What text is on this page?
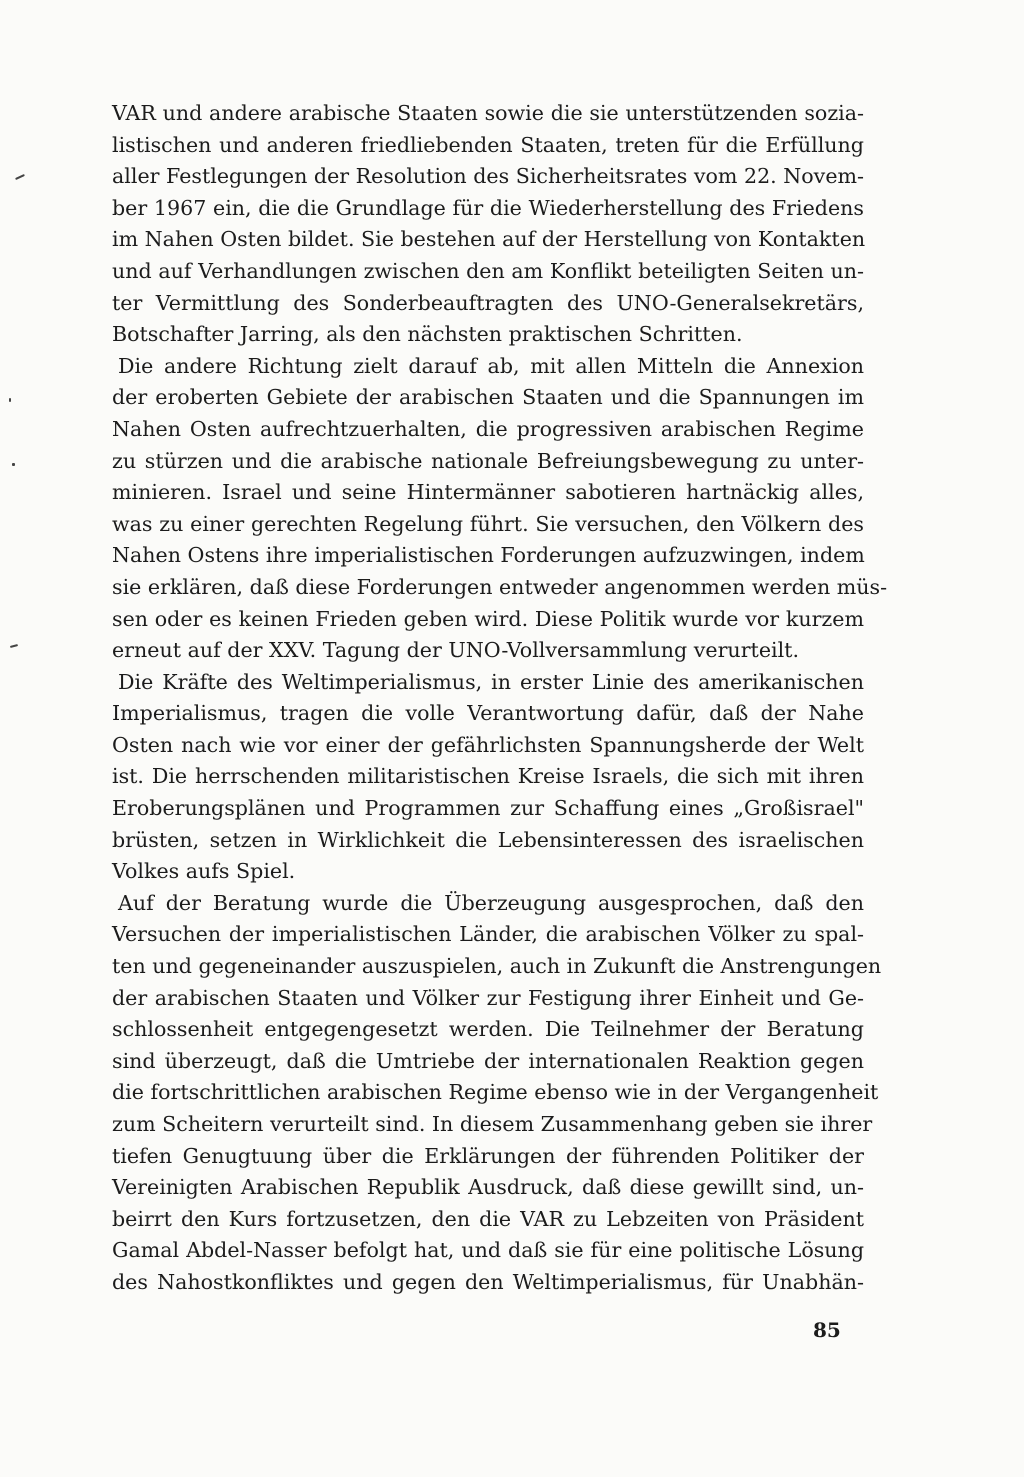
VAR und andere arabische Staaten sowie die sie unterstützenden sozia-
listischen und anderen friedliebenden Staaten, treten für die Erfüllung
aller Festlegungen der Resolution des Sicherheitsrates vom 22. Novem-
ber 1967 ein, die die Grundlage für die Wiederherstellung des Friedens
im Nahen Osten bildet. Sie bestehen auf der Herstellung von Kontakten
und auf Verhandlungen zwischen den am Konflikt beteiligten Seiten un-
ter Vermittlung des Sonderbeauftragten des UNO-Generalsekretärs,
Botschafter Jarring, als den nächsten praktischen Schritten.
Die andere Richtung zielt darauf ab, mit allen Mitteln die Annexion
der eroberten Gebiete der arabischen Staaten und die Spannungen im
Nahen Osten aufrechtzuerhalten, die progressiven arabischen Regime
zu stürzen und die arabische nationale Befreiungsbewegung zu unter-
minieren. Israel und seine Hintermänner sabotieren hartnäckig alles,
was zu einer gerechten Regelung führt. Sie versuchen, den Völkern des
Nahen Ostens ihre imperialistischen Forderungen aufzuzwingen, indem
sie erklären, daß diese Forderungen entweder angenommen werden müs-
sen oder es keinen Frieden geben wird. Diese Politik wurde vor kurzem
erneut auf der XXV. Tagung der UNO-Vollversammlung verurteilt.
Die Kräfte des Weltimperialismus, in erster Linie des amerikanischen
Imperialismus, tragen die volle Verantwortung dafür, daß der Nahe
Osten nach wie vor einer der gefährlichsten Spannungsherde der Welt
ist. Die herrschenden militaristischen Kreise Israels, die sich mit ihren
Eroberungsplänen und Programmen zur Schaffung eines „Großisrael"
brüsten, setzen in Wirklichkeit die Lebensinteressen des israelischen
Volkes aufs Spiel.
Auf der Beratung wurde die Überzeugung ausgesprochen, daß den
Versuchen der imperialistischen Länder, die arabischen Völker zu spal-
ten und gegeneinander auszuspielen, auch in Zukunft die Anstrengungen
der arabischen Staaten und Völker zur Festigung ihrer Einheit und Ge-
schlossenheit entgegengesetzt werden. Die Teilnehmer der Beratung
sind überzeugt, daß die Umtriebe der internationalen Reaktion gegen
die fortschrittlichen arabischen Regime ebenso wie in der Vergangenheit
zum Scheitern verurteilt sind. In diesem Zusammenhang geben sie ihrer
tiefen Genugtuung über die Erklärungen der führenden Politiker der
Vereinigten Arabischen Republik Ausdruck, daß diese gewillt sind, un-
beirrt den Kurs fortzusetzen, den die VAR zu Lebzeiten von Präsident
Gamal Abdel-Nasser befolgt hat, und daß sie für eine politische Lösung
des Nahostkonfliktes und gegen den Weltimperialismus, für Unabhän-
85
